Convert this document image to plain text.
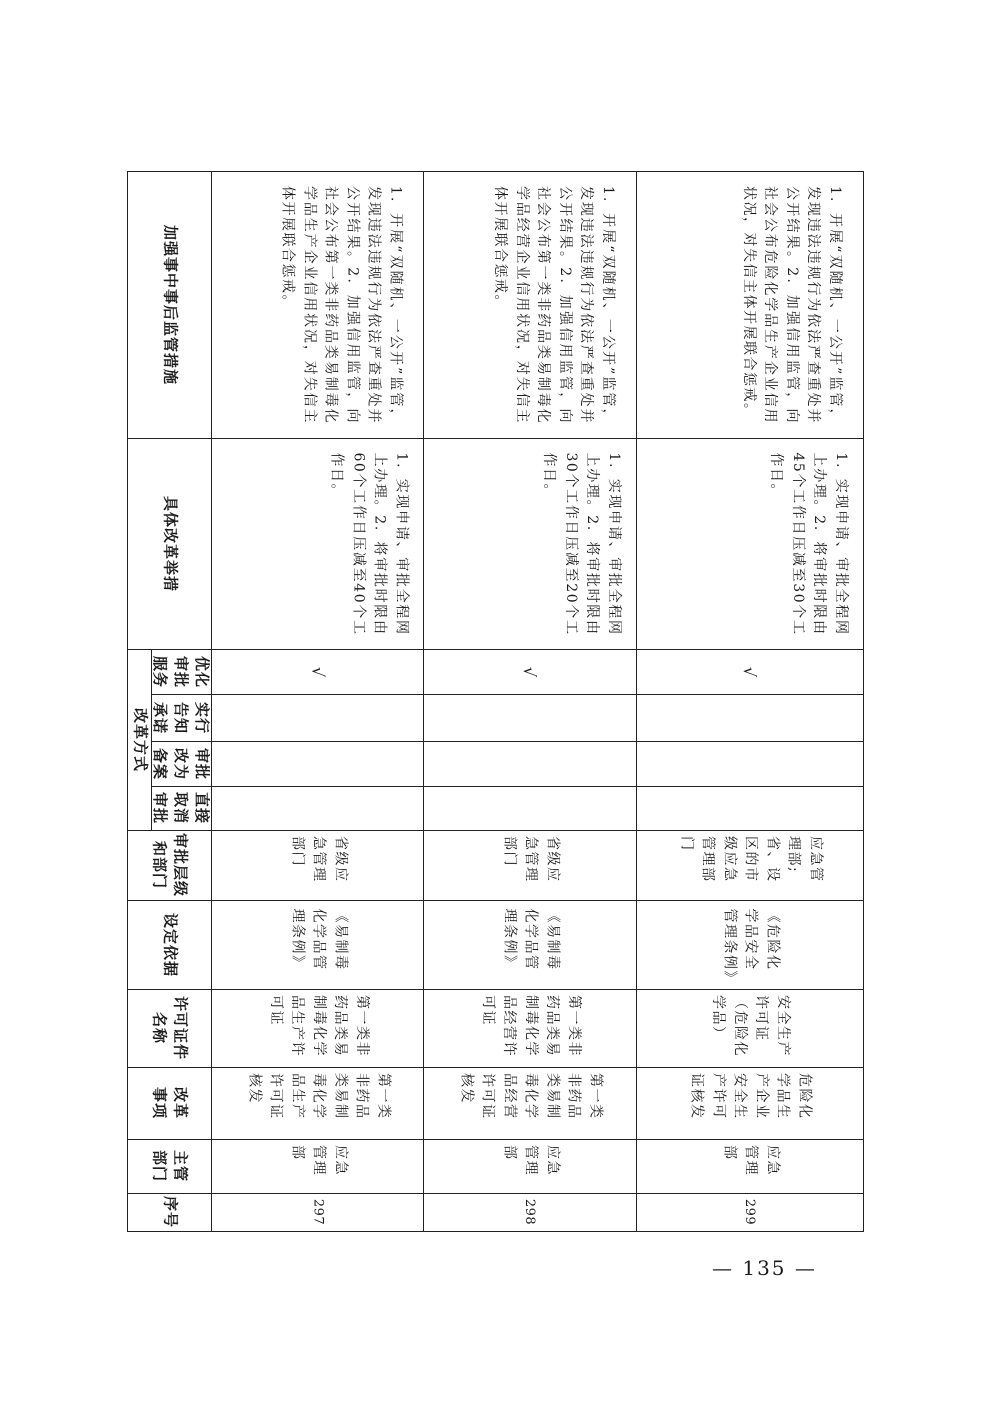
加强事中事后监管措施
具体改革举措
改革方式
优化审批服务
实行告知承诺
审批改为备案
直接取消审批
审批层级和部门
设定依据
许可证件名称
改革事项
主管部门
序号
1．开展“双随机、一公开”监管，发现违法违规行为依法严查重处并公开结果。2．加强信用监管，向社会公布第一类非药品类易制毒化学品生产企业信用状况，对失信主体开展联合惩戒。
1．实现申请、审批全程网上办理。2．将审批时限由60个工作日压减至40个工作日。
√
省级应急管理部门
《易制毒化学品管理条例》
第一类非药品类易制毒化学品生产许可证
第一类非药品类易制毒化学品生产许可证核发
应急管理部
297
1．开展“双随机、一公开”监管，发现违法违规行为依法严查重处并公开结果。2．加强信用监管，向社会公布第一类非药品类易制毒化学品经营企业信用状况，对失信主体开展联合惩戒。
1．实现申请、审批全程网上办理。2．将审批时限由30个工作日压减至20个工作日。
√
省级应急管理部门
《易制毒化学品管理条例》
第一类非药品类易制毒化学品经营许可证
第一类非药品类易制毒化学品经营许可证核发
应急管理部
298
1．开展“双随机、一公开”监管，发现违法违规行为依法严查重处并公开结果。2．加强信用监管，向社会公布危险化学品生产企业信用状况，对失信主体开展联合惩戒。
1．实现申请、审批全程网上办理。2．将审批时限由45个工作日压减至30个工作日。
√
应急管理部;省、设区的市级应急管理部门
《危险化学品安全管理条例》
安全生产许可证（危险化学品）
危险化学品生产企业安全生产许可证核发
应急管理部
299
— 135 —
